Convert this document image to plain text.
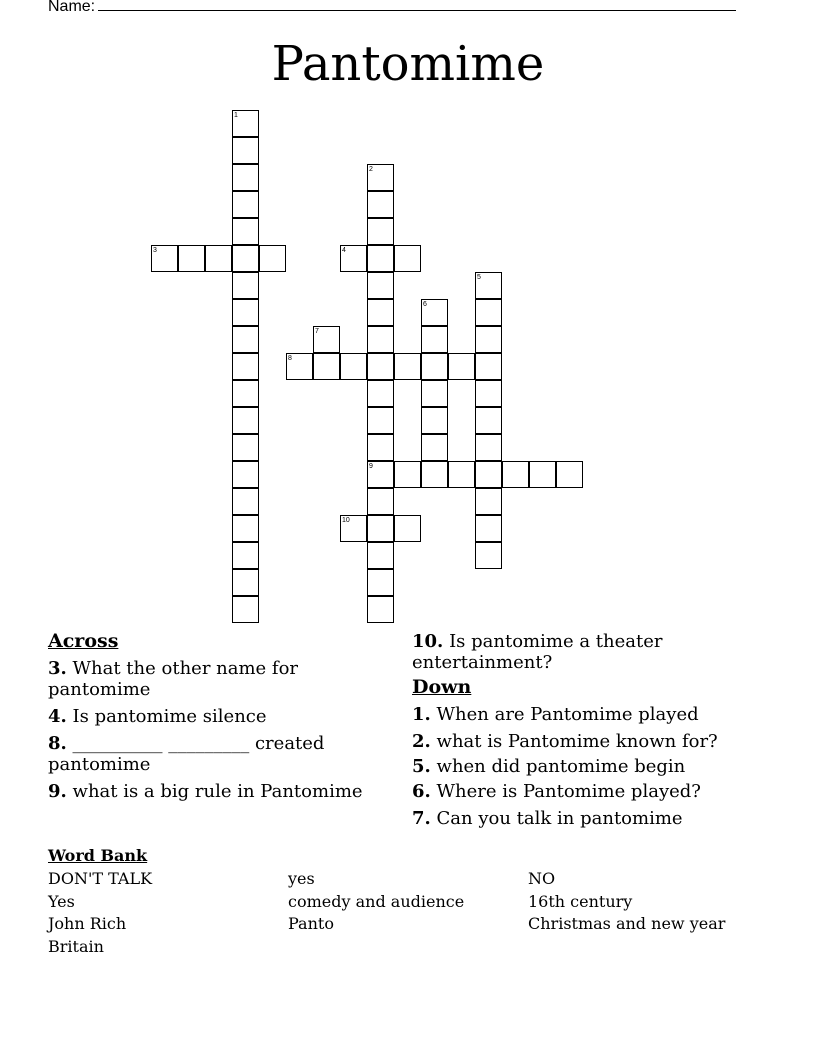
Name:
Pantomime
1
2
3	4
5
6
7
8
9
10
Across
3. What the other name for pantomime
4. Is pantomime silence
8. __________ _________ created pantomime
9. what is a big rule in Pantomime
10. Is pantomime a theater entertainment?
Down
1. When are Pantomime played
2. what is Pantomime known for?
5. when did pantomime begin
6. Where is Pantomime played?
7. Can you talk in pantomime
Word Bank
DON'T TALK
Yes
John Rich
Britain
yes
comedy and audience
Panto
NO
16th century
Christmas and new year
